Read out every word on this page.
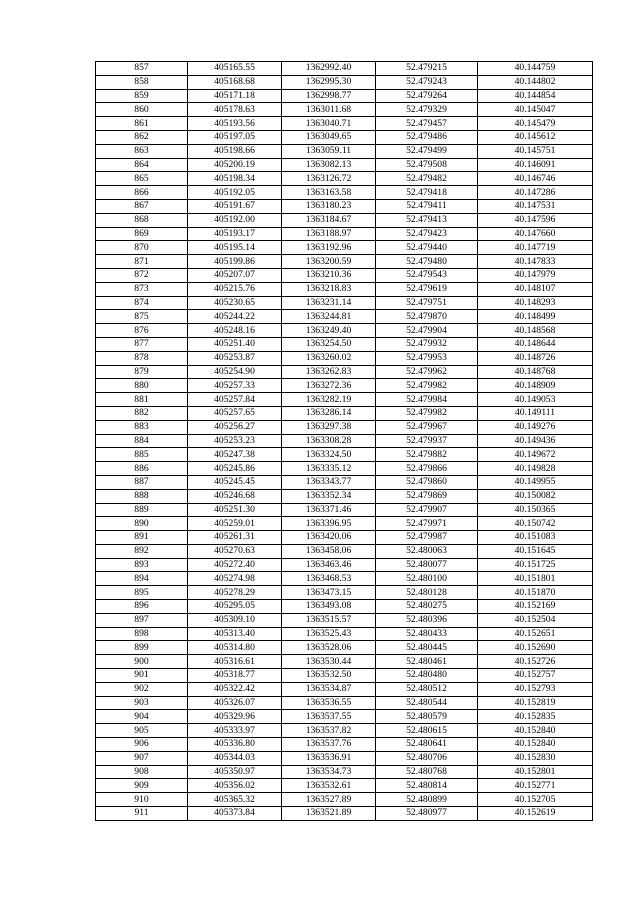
857	405165.55	1362992.40	52.479215	40.144759
858	405168.68	1362995.30	52.479243	40.144802
859	405171.18	1362998.77	52.479264	40.144854
860	405178.63	1363011.68	52.479329	40.145047
861	405193.56	1363040.71	52.479457	40.145479
862	405197.05	1363049.65	52.479486	40.145612
863	405198.66	1363059.11	52.479499	40.145751
864	405200.19	1363082.13	52.479508	40.146091
865	405198.34	1363126.72	52.479482	40.146746
866	405192.05	1363163.58	52.479418	40.147286
867	405191.67	1363180.23	52.479411	40.147531
868	405192.00	1363184.67	52.479413	40.147596
869	405193.17	1363188.97	52.479423	40.147660
870	405195.14	1363192.96	52.479440	40.147719
871	405199.86	1363200.59	52.479480	40.147833
872	405207.07	1363210.36	52.479543	40.147979
873	405215.76	1363218.83	52.479619	40.148107
874	405230.65	1363231.14	52.479751	40.148293
875	405244.22	1363244.81	52.479870	40.148499
876	405248.16	1363249.40	52.479904	40.148568
877	405251.40	1363254.50	52.479932	40.148644
878	405253.87	1363260.02	52.479953	40.148726
879	405254.90	1363262.83	52.479962	40.148768
880	405257.33	1363272.36	52.479982	40.148909
881	405257.84	1363282.19	52.479984	40.149053
882	405257.65	1363286.14	52.479982	40.149111
883	405256.27	1363297.38	52.479967	40.149276
884	405253.23	1363308.28	52.479937	40.149436
885	405247.38	1363324.50	52.479882	40.149672
886	405245.86	1363335.12	52.479866	40.149828
887	405245.45	1363343.77	52.479860	40.149955
888	405246.68	1363352.34	52.479869	40.150082
889	405251.30	1363371.46	52.479907	40.150365
890	405259.01	1363396.95	52.479971	40.150742
891	405261.31	1363420.06	52.479987	40.151083
892	405270.63	1363458.06	52.480063	40.151645
893	405272.40	1363463.46	52.480077	40.151725
894	405274.98	1363468.53	52.480100	40.151801
895	405278.29	1363473.15	52.480128	40.151870
896	405295.05	1363493.08	52.480275	40.152169
897	405309.10	1363515.57	52.480396	40.152504
898	405313.40	1363525.43	52.480433	40.152651
899	405314.80	1363528.06	52.480445	40.152690
900	405316.61	1363530.44	52.480461	40.152726
901	405318.77	1363532.50	52.480480	40.152757
902	405322.42	1363534.87	52.480512	40.152793
903	405326.07	1363536.55	52.480544	40.152819
904	405329.96	1363537.55	52.480579	40.152835
905	405333.97	1363537.82	52.480615	40.152840
906	405336.80	1363537.76	52.480641	40.152840
907	405344.03	1363536.91	52.480706	40.152830
908	405350.97	1363534.73	52.480768	40.152801
909	405356.02	1363532.61	52.480814	40.152771
910	405365.32	1363527.89	52.480899	40.152705
911	405373.84	1363521.89	52.480977	40.152619
